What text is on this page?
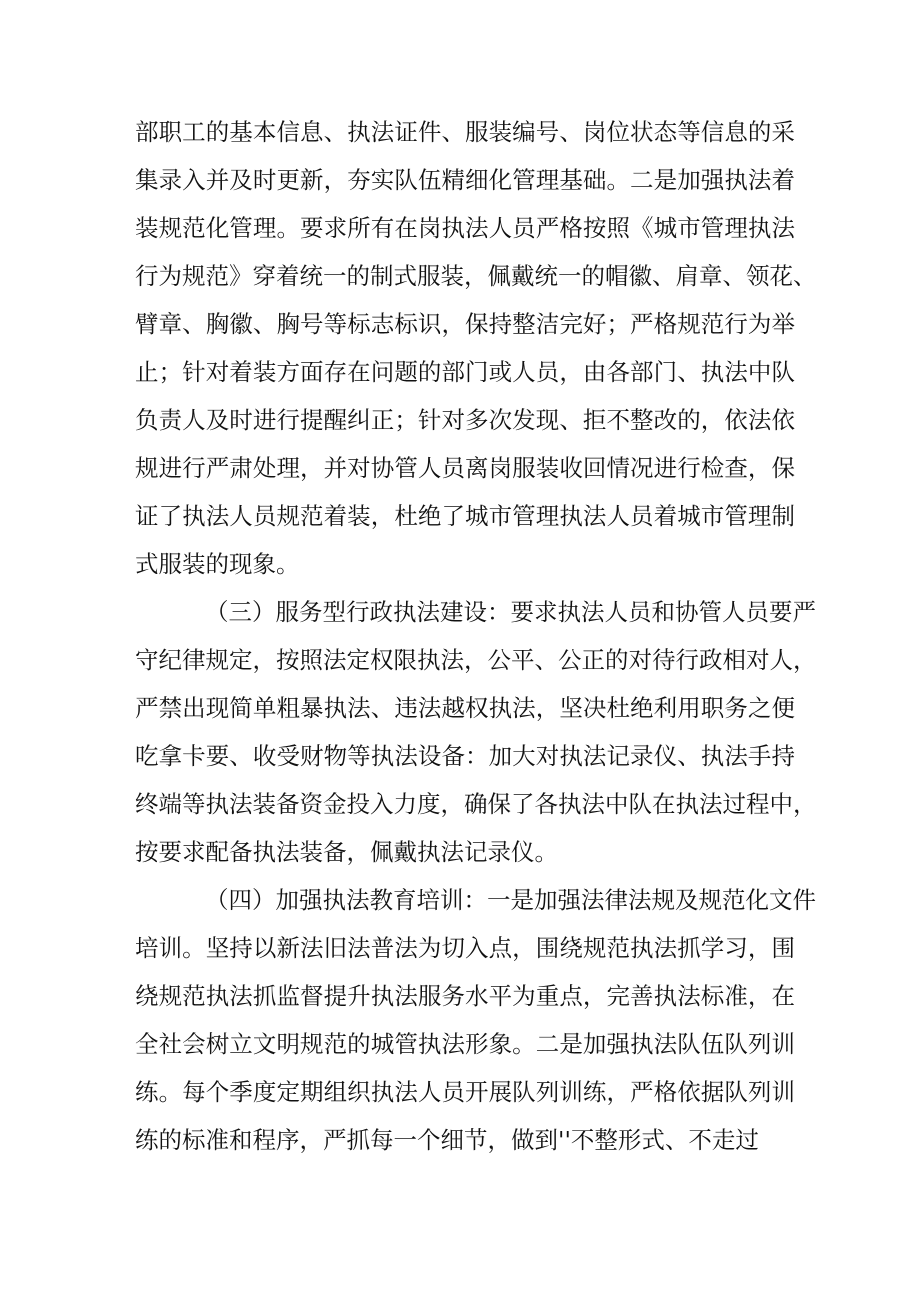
部职工的基本信息、执法证件、服装编号、岗位状态等信息的采
集录入并及时更新，夯实队伍精细化管理基础。二是加强执法着
装规范化管理。要求所有在岗执法人员严格按照《城市管理执法
行为规范》穿着统一的制式服装，佩戴统一的帽徽、肩章、领花、
臂章、胸徽、胸号等标志标识，保持整洁完好；严格规范行为举
止；针对着装方面存在问题的部门或人员，由各部门、执法中队
负责人及时进行提醒纠正；针对多次发现、拒不整改的，依法依
规进行严肃处理，并对协管人员离岗服装收回情况进行检查，保
证了执法人员规范着装，杜绝了城市管理执法人员着城市管理制
式服装的现象。
（三）服务型行政执法建设：要求执法人员和协管人员要严
守纪律规定，按照法定权限执法，公平、公正的对待行政相对人，
严禁出现简单粗暴执法、违法越权执法，坚决杜绝利用职务之便
吃拿卡要、收受财物等执法设备：加大对执法记录仪、执法手持
终端等执法装备资金投入力度，确保了各执法中队在执法过程中，
按要求配备执法装备，佩戴执法记录仪。
（四）加强执法教育培训：一是加强法律法规及规范化文件
培训。坚持以新法旧法普法为切入点，围绕规范执法抓学习，围
绕规范执法抓监督提升执法服务水平为重点，完善执法标准，在
全社会树立文明规范的城管执法形象。二是加强执法队伍队列训
练。每个季度定期组织执法人员开展队列训练，严格依据队列训
练的标准和程序，严抓每一个细节，做到''不整形式、不走过
